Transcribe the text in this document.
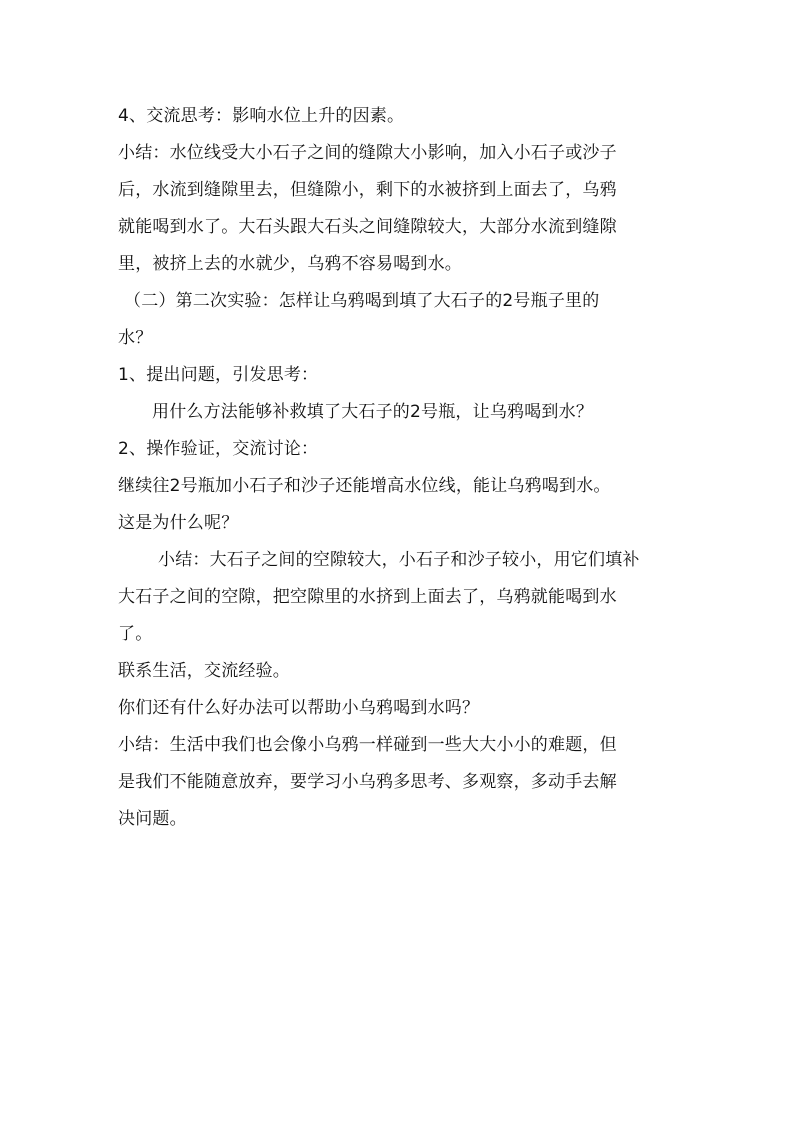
4、交流思考：影响水位上升的因素。
小结：水位线受大小石子之间的缝隙大小影响，加入小石子或沙子
后，水流到缝隙里去，但缝隙小，剩下的水被挤到上面去了，乌鸦
就能喝到水了。大石头跟大石头之间缝隙较大，大部分水流到缝隙
里，被挤上去的水就少，乌鸦不容易喝到水。
（二）第二次实验：怎样让乌鸦喝到填了大石子的2号瓶子里的
水？
1、提出问题，引发思考：
用什么方法能够补救填了大石子的2号瓶，让乌鸦喝到水？
2、操作验证，交流讨论：
继续往2号瓶加小石子和沙子还能增高水位线，能让乌鸦喝到水。
这是为什么呢？
小结：大石子之间的空隙较大，小石子和沙子较小，用它们填补
大石子之间的空隙，把空隙里的水挤到上面去了，乌鸦就能喝到水
了。
联系生活，交流经验。
你们还有什么好办法可以帮助小乌鸦喝到水吗？
小结：生活中我们也会像小乌鸦一样碰到一些大大小小的难题，但
是我们不能随意放弃，要学习小乌鸦多思考、多观察，多动手去解
决问题。
